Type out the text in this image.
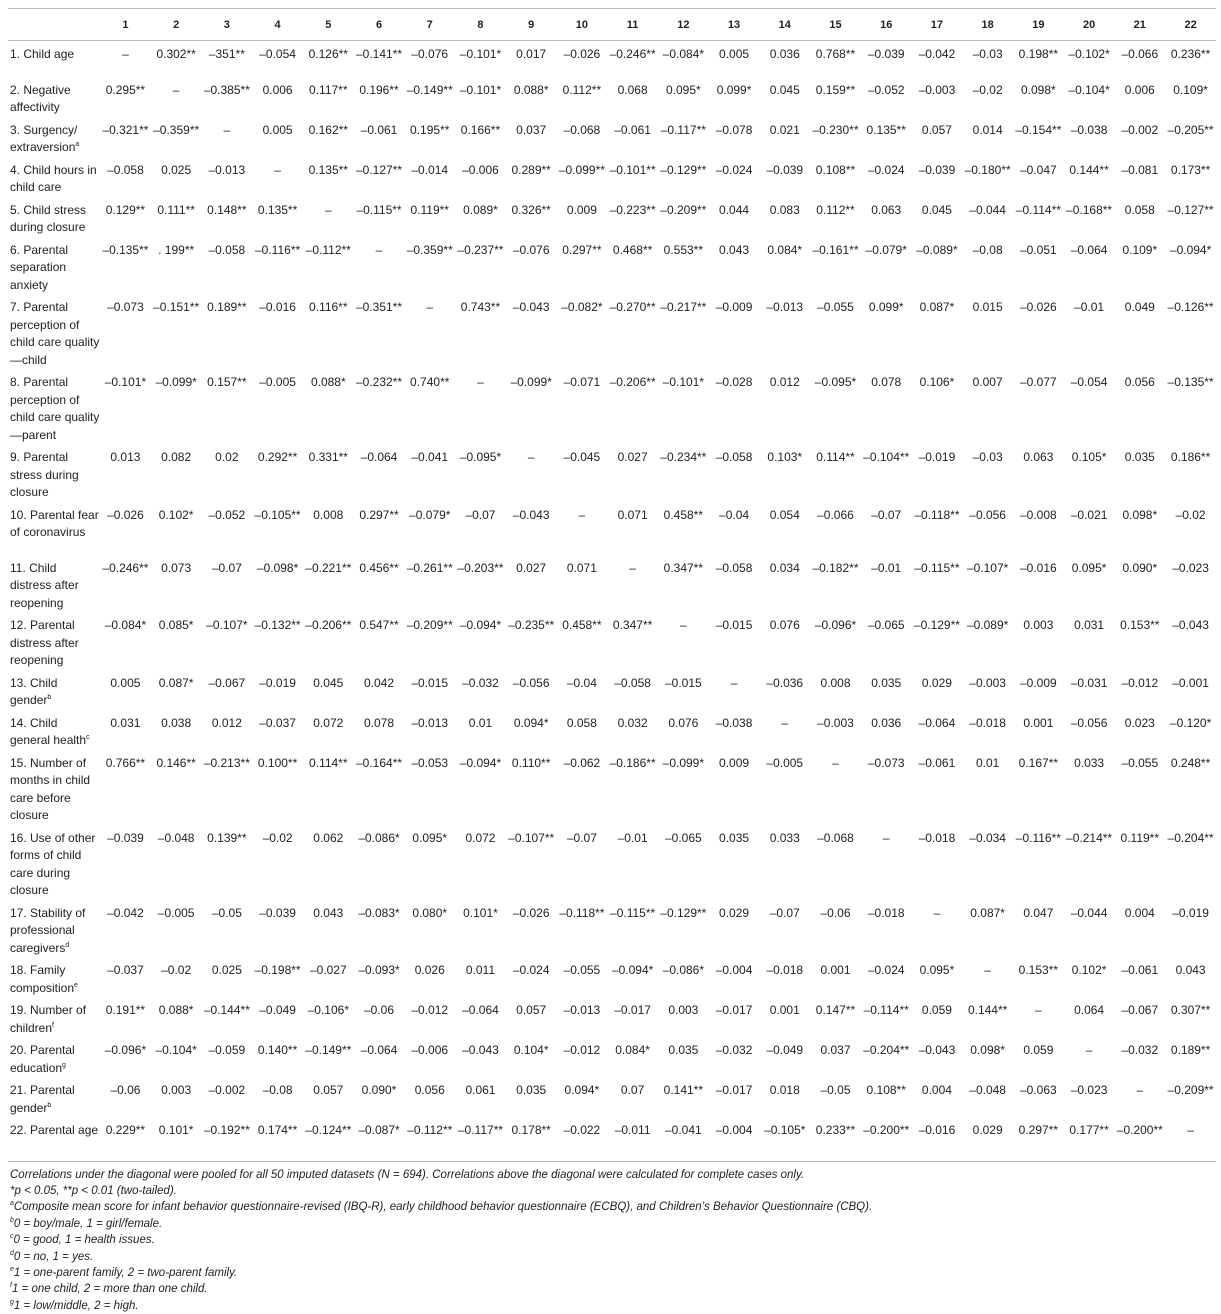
	1	2	3	4	5	6	7	8	9	10	11	12	13	14	15	16	17	18	19	20	21	22
1. Child age	–	0.302**	–351**	–0.054	0.126**	–0.141**	–0.076	–0.101*	0.017	–0.026	–0.246**	–0.084*	0.005	0.036	0.768**	–0.039	–0.042	–0.03	0.198**	–0.102*	–0.066	0.236**
2. Negative affectivity	0.295**	–	–0.385**	0.006	0.117**	0.196**	–0.149**	–0.101*	0.088*	0.112**	0.068	0.095*	0.099*	0.045	0.159**	–0.052	–0.003	–0.02	0.098*	–0.104*	0.006	0.109*
3. Surgency/ extraversion$^a$	–0.321**	–0.359**	–	0.005	0.162**	–0.061	0.195**	0.166**	0.037	–0.068	–0.061	–0.117**	–0.078	0.021	–0.230**	0.135**	0.057	0.014	–0.154**	–0.038	–0.002	–0.205**
4. Child hours in child care	–0.058	0.025	–0.013	–	0.135**	–0.127**	–0.014	–0.006	0.289**	–0.099**	–0.101**	–0.129**	–0.024	–0.039	0.108**	–0.024	–0.039	–0.180**	–0.047	0.144**	–0.081	0.173**
5. Child stress during closure	0.129**	0.111**	0.148**	0.135**	–	–0.115**	0.119**	0.089*	0.326**	0.009	–0.223**	–0.209**	0.044	0.083	0.112**	0.063	0.045	–0.044	–0.114**	–0.168**	0.058	–0.127**
6. Parental separation anxiety	–0.135**	. 199**	–0.058	–0.116**	–0.112**	–	–0.359**	–0.237**	–0.076	0.297**	0.468**	0.553**	0.043	0.084*	–0.161**	–0.079*	–0.089*	–0.08	–0.051	–0.064	0.109*	–0.094*
7. Parental perception of child care quality—child	–0.073	–0.151**	0.189**	–0.016	0.116**	–0.351**	–	0.743**	–0.043	–0.082*	–0.270**	–0.217**	–0.009	–0.013	–0.055	0.099*	0.087*	0.015	–0.026	–0.01	0.049	–0.126**
8. Parental perception of child care quality—parent	–0.101*	–0.099*	0.157**	–0.005	0.088*	–0.232**	0.740**	–	–0.099*	–0.071	–0.206**	–0.101*	–0.028	0.012	–0.095*	0.078	0.106*	0.007	–0.077	–0.054	0.056	–0.135**
9. Parental stress during closure	0.013	0.082	0.02	0.292**	0.331**	–0.064	–0.041	–0.095*	–	–0.045	0.027	–0.234**	–0.058	0.103*	0.114**	–0.104**	–0.019	–0.03	0.063	0.105*	0.035	0.186**
10. Parental fear of coronavirus	–0.026	0.102*	–0.052	–0.105**	0.008	0.297**	–0.079*	–0.07	–0.043	–	0.071	0.458**	–0.04	0.054	–0.066	–0.07	–0.118**	–0.056	–0.008	–0.021	0.098*	–0.02
11. Child distress after reopening	–0.246**	0.073	–0.07	–0.098*	–0.221**	0.456**	–0.261**	–0.203**	0.027	0.071	–	0.347**	–0.058	0.034	–0.182**	–0.01	–0.115**	–0.107*	–0.016	0.095*	0.090*	–0.023
12. Parental distress after reopening	–0.084*	0.085*	–0.107*	–0.132**	–0.206**	0.547**	–0.209**	–0.094*	–0.235**	0.458**	0.347**	–	–0.015	0.076	–0.096*	–0.065	–0.129**	–0.089*	0.003	0.031	0.153**	–0.043
13. Child gender$^b$	0.005	0.087*	–0.067	–0.019	0.045	0.042	–0.015	–0.032	–0.056	–0.04	–0.058	–0.015	–	–0.036	0.008	0.035	0.029	–0.003	–0.009	–0.031	–0.012	–0.001
14. Child general health$^c$	0.031	0.038	0.012	–0.037	0.072	0.078	–0.013	0.01	0.094*	0.058	0.032	0.076	–0.038	–	–0.003	0.036	–0.064	–0.018	0.001	–0.056	0.023	–0.120*
15. Number of months in child care before closure	0.766**	0.146**	–0.213**	0.100**	0.114**	–0.164**	–0.053	–0.094*	0.110**	–0.062	–0.186**	–0.099*	0.009	–0.005	–	–0.073	–0.061	0.01	0.167**	0.033	–0.055	0.248**
16. Use of other forms of child care during closure	–0.039	–0.048	0.139**	–0.02	0.062	–0.086*	0.095*	0.072	–0.107**	–0.07	–0.01	–0.065	0.035	0.033	–0.068	–	–0.018	–0.034	–0.116**	–0.214**	0.119**	–0.204**
17. Stability of professional caregivers$^d$	–0.042	–0.005	–0.05	–0.039	0.043	–0.083*	0.080*	0.101*	–0.026	–0.118**	–0.115**	–0.129**	0.029	–0.07	–0.06	–0.018	–	0.087*	0.047	–0.044	0.004	–0.019
18. Family composition$^e$	–0.037	–0.02	0.025	–0.198**	–0.027	–0.093*	0.026	0.011	–0.024	–0.055	–0.094*	–0.086*	–0.004	–0.018	0.001	–0.024	0.095*	–	0.153**	0.102*	–0.061	0.043
19. Number of children$^f$	0.191**	0.088*	–0.144**	–0.049	–0.106*	–0.06	–0.012	–0.064	0.057	–0.013	–0.017	0.003	–0.017	0.001	0.147**	–0.114**	0.059	0.144**	–	0.064	–0.067	0.307**
20. Parental education$^g$	–0.096*	–0.104*	–0.059	0.140**	–0.149**	–0.064	–0.006	–0.043	0.104*	–0.012	0.084*	0.035	–0.032	–0.049	0.037	–0.204**	–0.043	0.098*	0.059	–	–0.032	0.189**
21. Parental gender$^b$	–0.06	0.003	–0.002	–0.08	0.057	0.090*	0.056	0.061	0.035	0.094*	0.07	0.141**	–0.017	0.018	–0.05	0.108**	0.004	–0.048	–0.063	–0.023	–	–0.209**
22. Parental age	0.229**	0.101*	–0.192**	0.174**	–0.124**	–0.087*	–0.112**	–0.117**	0.178**	–0.022	–0.011	–0.041	–0.004	–0.105*	0.233**	–0.200**	–0.016	0.029	0.297**	0.177**	–0.200**	–
Correlations under the diagonal were pooled for all 50 imputed datasets (N = 694). Correlations above the diagonal were calculated for complete cases only.
*p < 0.05, **p < 0.01 (two-tailed).
$^a$Composite mean score for infant behavior questionnaire-revised (IBQ-R), early childhood behavior questionnaire (ECBQ), and Children’s Behavior Questionnaire (CBQ).
$^b$0 = boy/male, 1 = girl/female.
$^c$0 = good, 1 = health issues.
$^d$0 = no, 1 = yes.
$^e$1 = one-parent family, 2 = two-parent family.
$^f$1 = one child, 2 = more than one child.
$^g$1 = low/middle, 2 = high.
